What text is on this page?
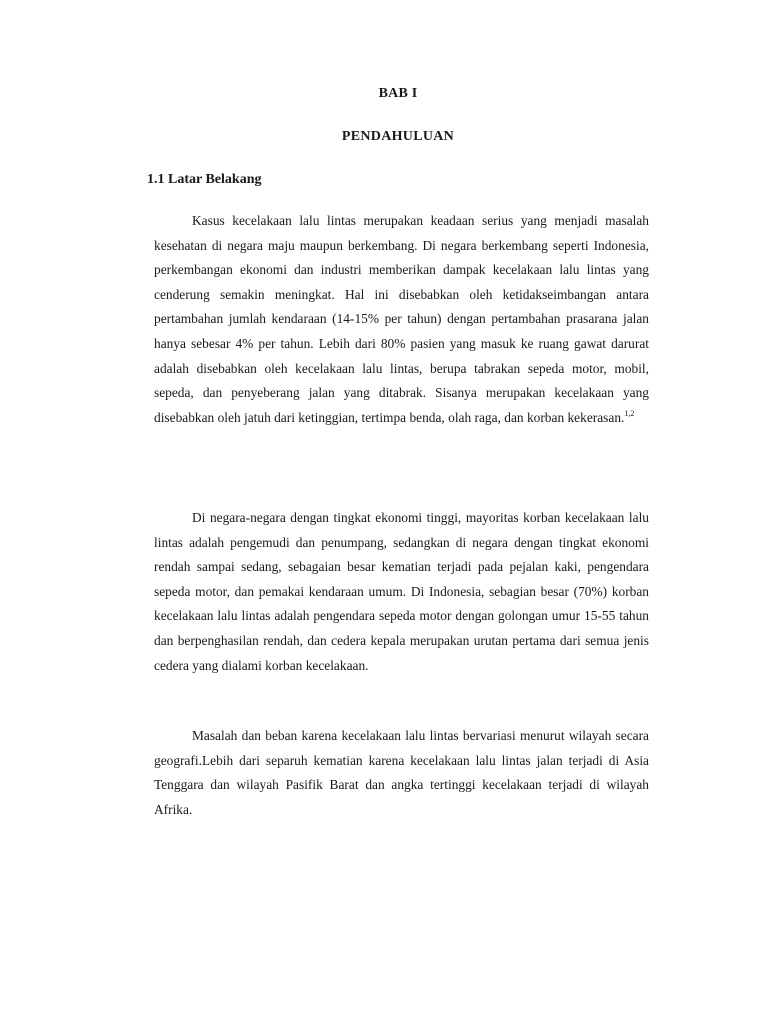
BAB I
PENDAHULUAN
1.1 Latar Belakang

Kasus kecelakaan lalu lintas merupakan keadaan serius yang menjadi masalah kesehatan di negara maju maupun berkembang. Di negara berkembang seperti Indonesia, perkembangan ekonomi dan industri memberikan dampak kecelakaan lalu lintas yang cenderung semakin meningkat. Hal ini disebabkan oleh ketidakseimbangan antara pertambahan jumlah kendaraan (14-15% per tahun) dengan pertambahan prasarana jalan hanya sebesar 4% per tahun. Lebih dari 80% pasien yang masuk ke ruang gawat darurat adalah disebabkan oleh kecelakaan lalu lintas, berupa tabrakan sepeda motor, mobil, sepeda, dan penyeberang jalan yang ditabrak. Sisanya merupakan kecelakaan yang disebabkan oleh jatuh dari ketinggian, tertimpa benda, olah raga, dan korban kekerasan.$^{1,2}$

Di negara-negara dengan tingkat ekonomi tinggi, mayoritas korban kecelakaan lalu lintas adalah pengemudi dan penumpang, sedangkan di negara dengan tingkat ekonomi rendah sampai sedang, sebagaian besar kematian terjadi pada pejalan kaki, pengendara sepeda motor, dan pemakai kendaraan umum. Di Indonesia, sebagian besar (70%) korban kecelakaan lalu lintas adalah pengendara sepeda motor dengan golongan umur 15-55 tahun dan berpenghasilan rendah, dan cedera kepala merupakan urutan pertama dari semua jenis cedera yang dialami korban kecelakaan.

Masalah dan beban karena kecelakaan lalu lintas bervariasi menurut wilayah secara geografi.Lebih dari separuh kematian karena kecelakaan lalu lintas jalan terjadi di Asia Tenggara dan wilayah Pasifik Barat dan angka tertinggi kecelakaan terjadi di wilayah Afrika.
